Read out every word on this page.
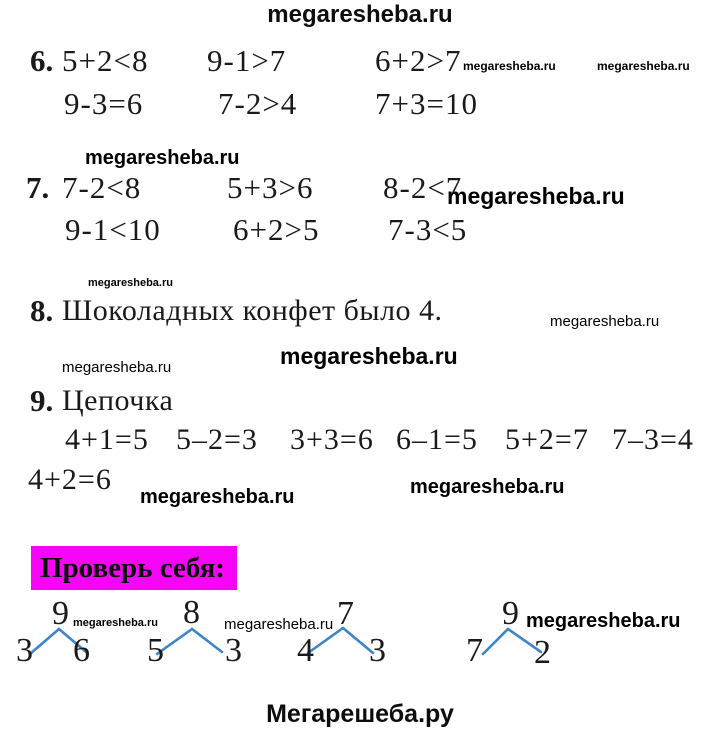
megaresheba.ru
6. 5+2<8 9-1>7	6+2>7 megaresheba.ru	megaresheba.ru
9-3=6 7-2>4	7+3=10
megaresheba.ru
7. 7-2<8	5+3>6 8-2<7
megaresheba.ru
9-1<10 6+2>5 7-3<5
megaresheba.ru
8. Шоколадных конфет было 4.	megaresheba.ru
megaresheba.ru
megaresheba.ru
9. Цепочка
4+1=5 5–2=3 3+3=6 6–1=5 5+2=7 7–3=4
4+2=6
megaresheba.ru	megaresheba.ru
Проверь себя:
9 megaresheba.ru
3 6
8 megaresheba.ru
5 3
7
4 3
9 megaresheba.ru
7 2
Мегарешеба.ру
